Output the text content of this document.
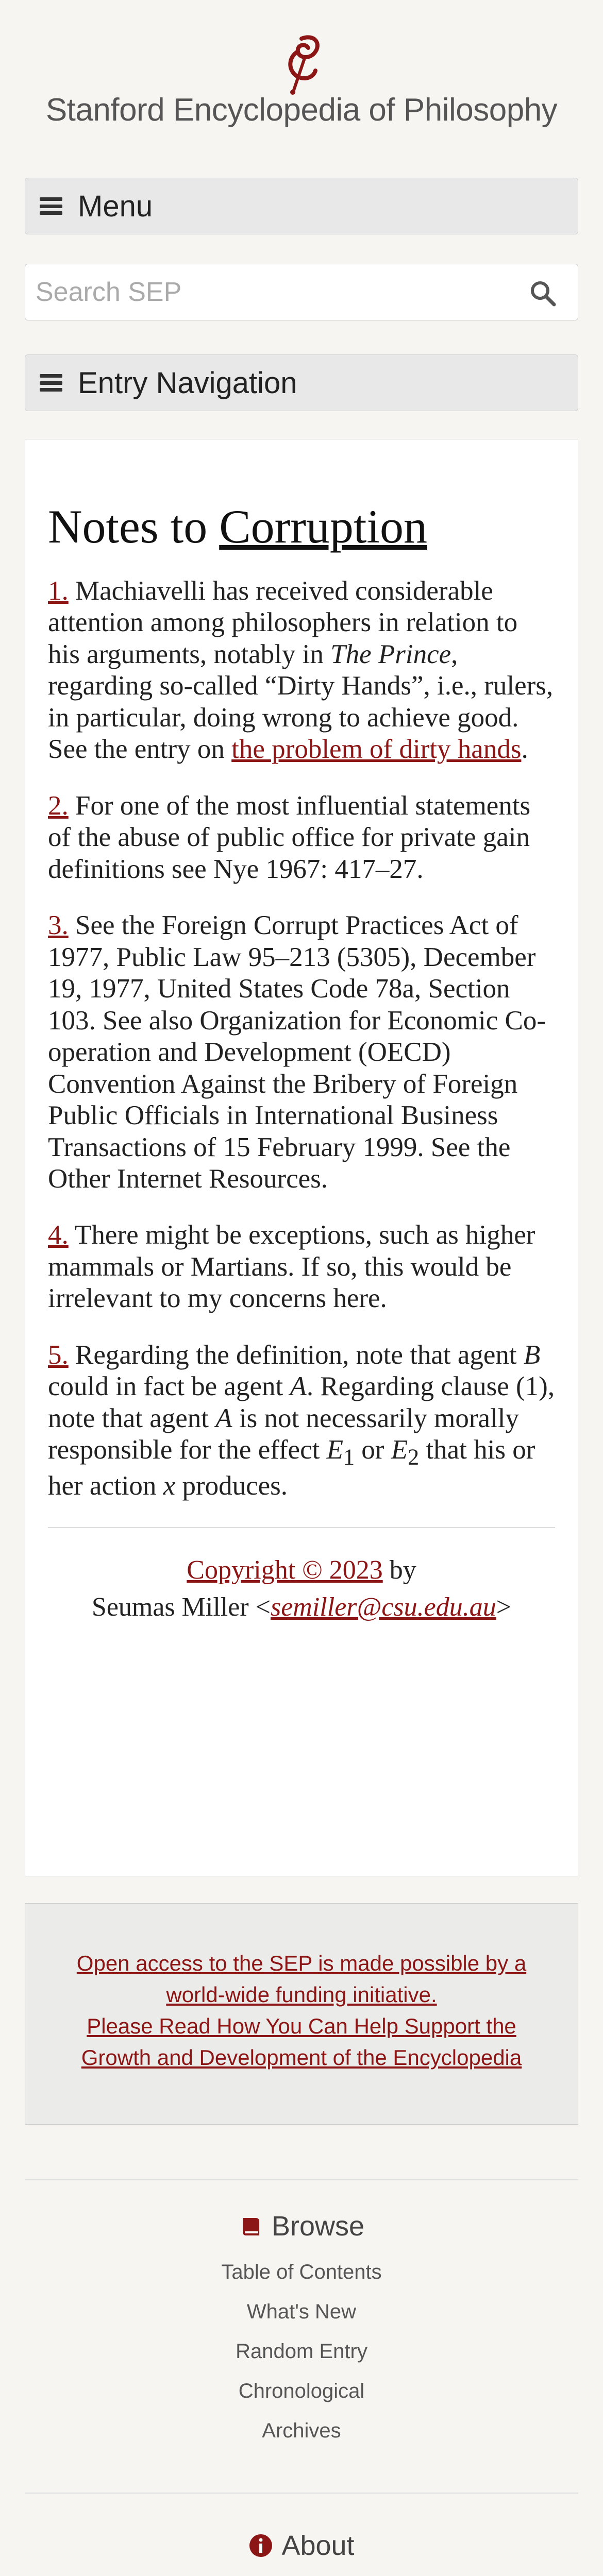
Stanford Encyclopedia of Philosophy
Menu
Search SEP
Entry Navigation
Notes to Corruption

1. Machiavelli has received considerable attention among philosophers in relation to his arguments, notably in The Prince, regarding so-called “Dirty Hands”, i.e., rulers, in particular, doing wrong to achieve good. See the entry on the problem of dirty hands.

2. For one of the most influential statements of the abuse of public office for private gain definitions see Nye 1967: 417–27.

3. See the Foreign Corrupt Practices Act of 1977, Public Law 95–213 (5305), December 19, 1977, United States Code 78a, Section 103. See also Organization for Economic Co-operation and Development (OECD) Convention Against the Bribery of Foreign Public Officials in International Business Transactions of 15 February 1999. See the Other Internet Resources.

4. There might be exceptions, such as higher mammals or Martians. If so, this would be irrelevant to my concerns here.

5. Regarding the definition, note that agent B could in fact be agent A. Regarding clause (1), note that agent A is not necessarily morally responsible for the effect $E_1$ or $E_2$ that his or her action x produces.

Copyright © 2023 by
Seumas Miller <semiller@csu.edu.au>
Open access to the SEP is made possible by a world-wide funding initiative.
Please Read How You Can Help Support the Growth and Development of the Encyclopedia
Browse
Table of Contents
What's New
Random Entry
Chronological
Archives
About
